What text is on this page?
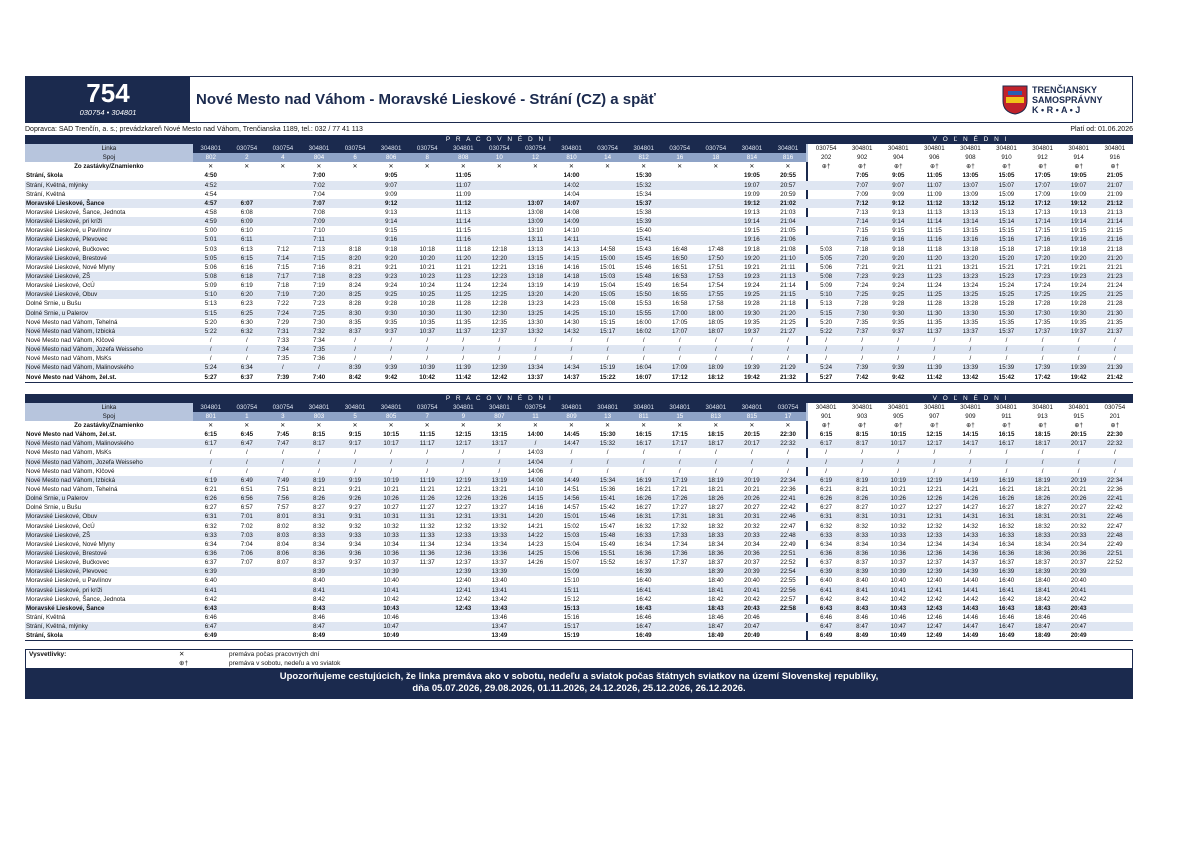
754
030754 • 304801
Nové Mesto nad Váhom - Moravské Lieskové - Strání (CZ) a späť
TRENČIANSKY
SAMOSPRÁVNY
K • R • A • J
Dopravca: SAD Trenčín, a. s.; prevádzkareň Nové Mesto nad Váhom, Trenčianska 1189, tel.: 032 / 77 41 113	Platí od: 01.06.2026
	P R A C O V N É D N I																		V O Ľ N É D N I								
Linka	304801	030754	030754	304801	030754	304801	030754	304801	030754	030754	304801	030754	304801	030754	030754	304801	304801		030754	304801	304801	304801	304801	304801	304801	304801	304801
Spoj	802	2	4	804	6	806	8	808	10	12	810	14	812	16	18	814	816		202	902	904	906	908	910	912	914	916
Zo zastávky/Znamienko	✕	✕	✕	✕	✕	✕	✕	✕	✕	✕	✕	✕	✕	✕	✕	✕	✕		⊕†	⊕†	⊕†	⊕†	⊕†	⊕†	⊕†	⊕†	⊕†
Strání, škola	4:50			7:00		9:05		11:05			14:00		15:30			19:05	20:55			7:05	9:05	11:05	13:05	15:05	17:05	19:05	21:05
Strání, Květná, mlýnky	4:52			7:02		9:07		11:07			14:02		15:32			19:07	20:57			7:07	9:07	11:07	13:07	15:07	17:07	19:07	21:07
Strání, Květná	4:54			7:04		9:09		11:09			14:04		15:34			19:09	20:59			7:09	9:09	11:09	13:09	15:09	17:09	19:09	21:09
Moravské Lieskové, Šance	4:57	6:07		7:07		9:12		11:12		13:07	14:07		15:37			19:12	21:02			7:12	9:12	11:12	13:12	15:12	17:12	19:12	21:12
Moravské Lieskové, Šance, Jednota	4:58	6:08		7:08		9:13		11:13		13:08	14:08		15:38			19:13	21:03			7:13	9:13	11:13	13:13	15:13	17:13	19:13	21:13
Moravské Lieskové, pri kríži	4:59	6:09		7:09		9:14		11:14		13:09	14:09		15:39			19:14	21:04			7:14	9:14	11:14	13:14	15:14	17:14	19:14	21:14
Moravské Lieskové, u Pavlínov	5:00	6:10		7:10		9:15		11:15		13:10	14:10		15:40			19:15	21:05			7:15	9:15	11:15	13:15	15:15	17:15	19:15	21:15
Moravské Lieskové, Plevovec	5:01	6:11		7:11		9:16		11:16		13:11	14:11		15:41			19:16	21:06			7:16	9:16	11:16	13:16	15:16	17:16	19:16	21:16
Moravské Lieskové, Bučkovec	5:03	6:13	7:12	7:13	8:18	9:18	10:18	11:18	12:18	13:13	14:13	14:58	15:43	16:48	17:48	19:18	21:08		5:03	7:18	9:18	11:18	13:18	15:18	17:18	19:18	21:18
Moravské Lieskové, Brestové	5:05	6:15	7:14	7:15	8:20	9:20	10:20	11:20	12:20	13:15	14:15	15:00	15:45	16:50	17:50	19:20	21:10		5:05	7:20	9:20	11:20	13:20	15:20	17:20	19:20	21:20
Moravské Lieskové, Nové Mlyny	5:06	6:16	7:15	7:16	8:21	9:21	10:21	11:21	12:21	13:16	14:16	15:01	15:46	16:51	17:51	19:21	21:11		5:06	7:21	9:21	11:21	13:21	15:21	17:21	19:21	21:21
Moravské Lieskové, ZŠ	5:08	6:18	7:17	7:18	8:23	9:23	10:23	11:23	12:23	13:18	14:18	15:03	15:48	16:53	17:53	19:23	21:13		5:08	7:23	9:23	11:23	13:23	15:23	17:23	19:23	21:23
Moravské Lieskové, OcÚ	5:09	6:19	7:18	7:19	8:24	9:24	10:24	11:24	12:24	13:19	14:19	15:04	15:49	16:54	17:54	19:24	21:14		5:09	7:24	9:24	11:24	13:24	15:24	17:24	19:24	21:24
Moravské Lieskové, Obuv	5:10	6:20	7:19	7:20	8:25	9:25	10:25	11:25	12:25	13:20	14:20	15:05	15:50	16:55	17:55	19:25	21:15		5:10	7:25	9:25	11:25	13:25	15:25	17:25	19:25	21:25
Dolné Srnie, u Bušu	5:13	6:23	7:22	7:23	8:28	9:28	10:28	11:28	12:28	13:23	14:23	15:08	15:53	16:58	17:58	19:28	21:18		5:13	7:28	9:28	11:28	13:28	15:28	17:28	19:28	21:28
Dolné Srnie, u Palerov	5:15	6:25	7:24	7:25	8:30	9:30	10:30	11:30	12:30	13:25	14:25	15:10	15:55	17:00	18:00	19:30	21:20		5:15	7:30	9:30	11:30	13:30	15:30	17:30	19:30	21:30
Nové Mesto nad Váhom, Tehelná	5:20	6:30	7:29	7:30	8:35	9:35	10:35	11:35	12:35	13:30	14:30	15:15	16:00	17:05	18:05	19:35	21:25		5:20	7:35	9:35	11:35	13:35	15:35	17:35	19:35	21:35
Nové Mesto nad Váhom, Izbická	5:22	6:32	7:31	7:32	8:37	9:37	10:37	11:37	12:37	13:32	14:32	15:17	16:02	17:07	18:07	19:37	21:27		5:22	7:37	9:37	11:37	13:37	15:37	17:37	19:37	21:37
Nové Mesto nad Váhom, Klčové	/	/	7:33	7:34	/	/	/	/	/	/	/	/	/	/	/	/	/		/	/	/	/	/	/	/	/	/
Nové Mesto nad Váhom, Jozefa Weisseho	/	/	7:34	7:35	/	/	/	/	/	/	/	/	/	/	/	/	/		/	/	/	/	/	/	/	/	/
Nové Mesto nad Váhom, MsKs	/	/	7:35	7:36	/	/	/	/	/	/	/	/	/	/	/	/	/		/	/	/	/	/	/	/	/	/
Nové Mesto nad Váhom, Malinovského	5:24	6:34	/	/	8:39	9:39	10:39	11:39	12:39	13:34	14:34	15:19	16:04	17:09	18:09	19:39	21:29		5:24	7:39	9:39	11:39	13:39	15:39	17:39	19:39	21:39
Nové Mesto nad Váhom, žel.st.	5:27	6:37	7:39	7:40	8:42	9:42	10:42	11:42	12:42	13:37	14:37	15:22	16:07	17:12	18:12	19:42	21:32		5:27	7:42	9:42	11:42	13:42	15:42	17:42	19:42	21:42
	P R A C O V N É D N I																		V O Ľ N É D N I								
Linka	304801	030754	030754	304801	304801	304801	030754	304801	304801	030754	304801	304801	304801	304801	304801	304801	030754		304801	304801	304801	304801	304801	304801	304801	304801	030754
Spoj	801	1	3	803	5	805	7	9	807	11	809	13	811	15	813	815	17		901	903	905	907	909	911	913	915	201
Zo zastávky/Znamienko	✕	✕	✕	✕	✕	✕	✕	✕	✕	✕	✕	✕	✕	✕	✕	✕	✕		⊕†	⊕†	⊕†	⊕†	⊕†	⊕†	⊕†	⊕†	⊕†
Nové Mesto nad Váhom, žel.st.	6:15	6:45	7:45	8:15	9:15	10:15	11:15	12:15	13:15	14:00	14:45	15:30	16:15	17:15	18:15	20:15	22:30		6:15	8:15	10:15	12:15	14:15	16:15	18:15	20:15	22:30
Nové Mesto nad Váhom, Malinovského	6:17	6:47	7:47	8:17	9:17	10:17	11:17	12:17	13:17	/	14:47	15:32	16:17	17:17	18:17	20:17	22:32		6:17	8:17	10:17	12:17	14:17	16:17	18:17	20:17	22:32
Nové Mesto nad Váhom, MsKs	/	/	/	/	/	/	/	/	/	14:03	/	/	/	/	/	/	/		/	/	/	/	/	/	/	/	/
Nové Mesto nad Váhom, Jozefa Weisseho	/	/	/	/	/	/	/	/	/	14:04	/	/	/	/	/	/	/		/	/	/	/	/	/	/	/	/
Nové Mesto nad Váhom, Klčové	/	/	/	/	/	/	/	/	/	14:06	/	/	/	/	/	/	/		/	/	/	/	/	/	/	/	/
Nové Mesto nad Váhom, Izbická	6:19	6:49	7:49	8:19	9:19	10:19	11:19	12:19	13:19	14:08	14:49	15:34	16:19	17:19	18:19	20:19	22:34		6:19	8:19	10:19	12:19	14:19	16:19	18:19	20:19	22:34
Nové Mesto nad Váhom, Tehelná	6:21	6:51	7:51	8:21	9:21	10:21	11:21	12:21	13:21	14:10	14:51	15:36	16:21	17:21	18:21	20:21	22:36		6:21	8:21	10:21	12:21	14:21	16:21	18:21	20:21	22:36
Dolné Srnie, u Palerov	6:26	6:56	7:56	8:26	9:26	10:26	11:26	12:26	13:26	14:15	14:56	15:41	16:26	17:26	18:26	20:26	22:41		6:26	8:26	10:26	12:26	14:26	16:26	18:26	20:26	22:41
Dolné Srnie, u Bušu	6:27	6:57	7:57	8:27	9:27	10:27	11:27	12:27	13:27	14:16	14:57	15:42	16:27	17:27	18:27	20:27	22:42		6:27	8:27	10:27	12:27	14:27	16:27	18:27	20:27	22:42
Moravské Lieskové, Obuv	6:31	7:01	8:01	8:31	9:31	10:31	11:31	12:31	13:31	14:20	15:01	15:46	16:31	17:31	18:31	20:31	22:46		6:31	8:31	10:31	12:31	14:31	16:31	18:31	20:31	22:46
Moravské Lieskové, OcÚ	6:32	7:02	8:02	8:32	9:32	10:32	11:32	12:32	13:32	14:21	15:02	15:47	16:32	17:32	18:32	20:32	22:47		6:32	8:32	10:32	12:32	14:32	16:32	18:32	20:32	22:47
Moravské Lieskové, ZŠ	6:33	7:03	8:03	8:33	9:33	10:33	11:33	12:33	13:33	14:22	15:03	15:48	16:33	17:33	18:33	20:33	22:48		6:33	8:33	10:33	12:33	14:33	16:33	18:33	20:33	22:48
Moravské Lieskové, Nové Mlyny	6:34	7:04	8:04	8:34	9:34	10:34	11:34	12:34	13:34	14:23	15:04	15:49	16:34	17:34	18:34	20:34	22:49		6:34	8:34	10:34	12:34	14:34	16:34	18:34	20:34	22:49
Moravské Lieskové, Brestové	6:36	7:06	8:06	8:36	9:36	10:36	11:36	12:36	13:36	14:25	15:06	15:51	16:36	17:36	18:36	20:36	22:51		6:36	8:36	10:36	12:36	14:36	16:36	18:36	20:36	22:51
Moravské Lieskové, Bučkovec	6:37	7:07	8:07	8:37	9:37	10:37	11:37	12:37	13:37	14:26	15:07	15:52	16:37	17:37	18:37	20:37	22:52		6:37	8:37	10:37	12:37	14:37	16:37	18:37	20:37	22:52
Moravské Lieskové, Plevovec	6:39			8:39		10:39		12:39	13:39		15:09		16:39		18:39	20:39	22:54		6:39	8:39	10:39	12:39	14:39	16:39	18:39	20:39	
Moravské Lieskové, u Pavlínov	6:40			8:40		10:40		12:40	13:40		15:10		16:40		18:40	20:40	22:55		6:40	8:40	10:40	12:40	14:40	16:40	18:40	20:40	
Moravské Lieskové, pri kríži	6:41			8:41		10:41		12:41	13:41		15:11		16:41		18:41	20:41	22:56		6:41	8:41	10:41	12:41	14:41	16:41	18:41	20:41	
Moravské Lieskové, Šance, Jednota	6:42			8:42		10:42		12:42	13:42		15:12		16:42		18:42	20:42	22:57		6:42	8:42	10:42	12:42	14:42	16:42	18:42	20:42	
Moravské Lieskové, Šance	6:43			8:43		10:43		12:43	13:43		15:13		16:43		18:43	20:43	22:58		6:43	8:43	10:43	12:43	14:43	16:43	18:43	20:43	
Strání, Květná	6:46			8:46		10:46			13:46		15:16		16:46		18:46	20:46			6:46	8:46	10:46	12:46	14:46	16:46	18:46	20:46	
Strání, Květná, mlýnky	6:47			8:47		10:47			13:47		15:17		16:47		18:47	20:47			6:47	8:47	10:47	12:47	14:47	16:47	18:47	20:47	
Strání, škola	6:49			8:49		10:49			13:49		15:19		16:49		18:49	20:49			6:49	8:49	10:49	12:49	14:49	16:49	18:49	20:49	
Vysvetlivky:	✕	premáva počas pracovných dní
⊕†	premáva v sobotu, nedeľu a vo sviatok
Upozorňujeme cestujúcich, že linka premáva ako v sobotu, nedeľu a sviatok počas štátnych sviatkov na území Slovenskej republiky,
dňa 05.07.2026, 29.08.2026, 01.11.2026, 24.12.2026, 25.12.2026, 26.12.2026.
